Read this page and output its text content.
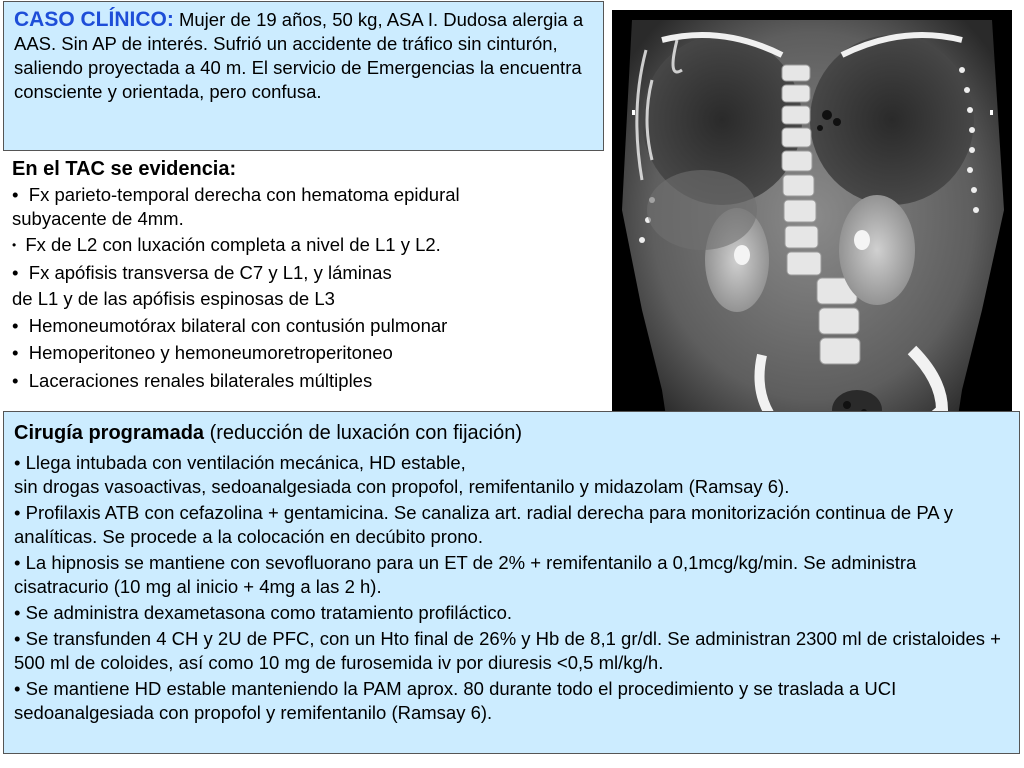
CASO CLÍNICO: Mujer de 19 años, 50 kg, ASA I. Dudosa alergia a AAS. Sin AP de interés. Sufrió un accidente de tráfico sin cinturón, saliendo proyectada a 40 m. El servicio de Emergencias la encuentra consciente y orientada, pero confusa.
En el TAC se evidencia:
• Fx parieto-temporal derecha con hematoma epidural
subyacente de 4mm.
• Fx de L2 con luxación completa a nivel de L1 y L2.
• Fx apófisis transversa de C7 y L1, y láminas
de L1 y de las apófisis espinosas de L3
• Hemoneumotórax bilateral con contusión pulmonar
• Hemoperitoneo y hemoneumoretroperitoneo
• Laceraciones renales bilaterales múltiples
Cirugía programada (reducción de luxación con fijación)

• Llega intubada con ventilación mecánica, HD estable,

sin drogas vasoactivas, sedoanalgesiada con propofol, remifentanilo y midazolam (Ramsay 6).

• Profilaxis ATB con cefazolina + gentamicina. Se canaliza art. radial derecha para monitorización continua de PA y analíticas. Se procede a la colocación en decúbito prono.

• La hipnosis se mantiene con sevofluorano para un ET de 2% + remifentanilo a 0,1mcg/kg/min. Se administra cisatracurio (10 mg al inicio + 4mg a las 2 h).

• Se administra dexametasona como tratamiento profiláctico.

• Se transfunden 4 CH y 2U de PFC, con un Hto final de 26% y Hb de 8,1 gr/dl. Se administran 2300 ml de cristaloides + 500 ml de coloides, así como 10 mg de furosemida iv por diuresis <0,5 ml/kg/h.

• Se mantiene HD estable manteniendo la PAM aprox. 80 durante todo el procedimiento y se traslada a UCI sedoanalgesiada con propofol y remifentanilo (Ramsay 6).
